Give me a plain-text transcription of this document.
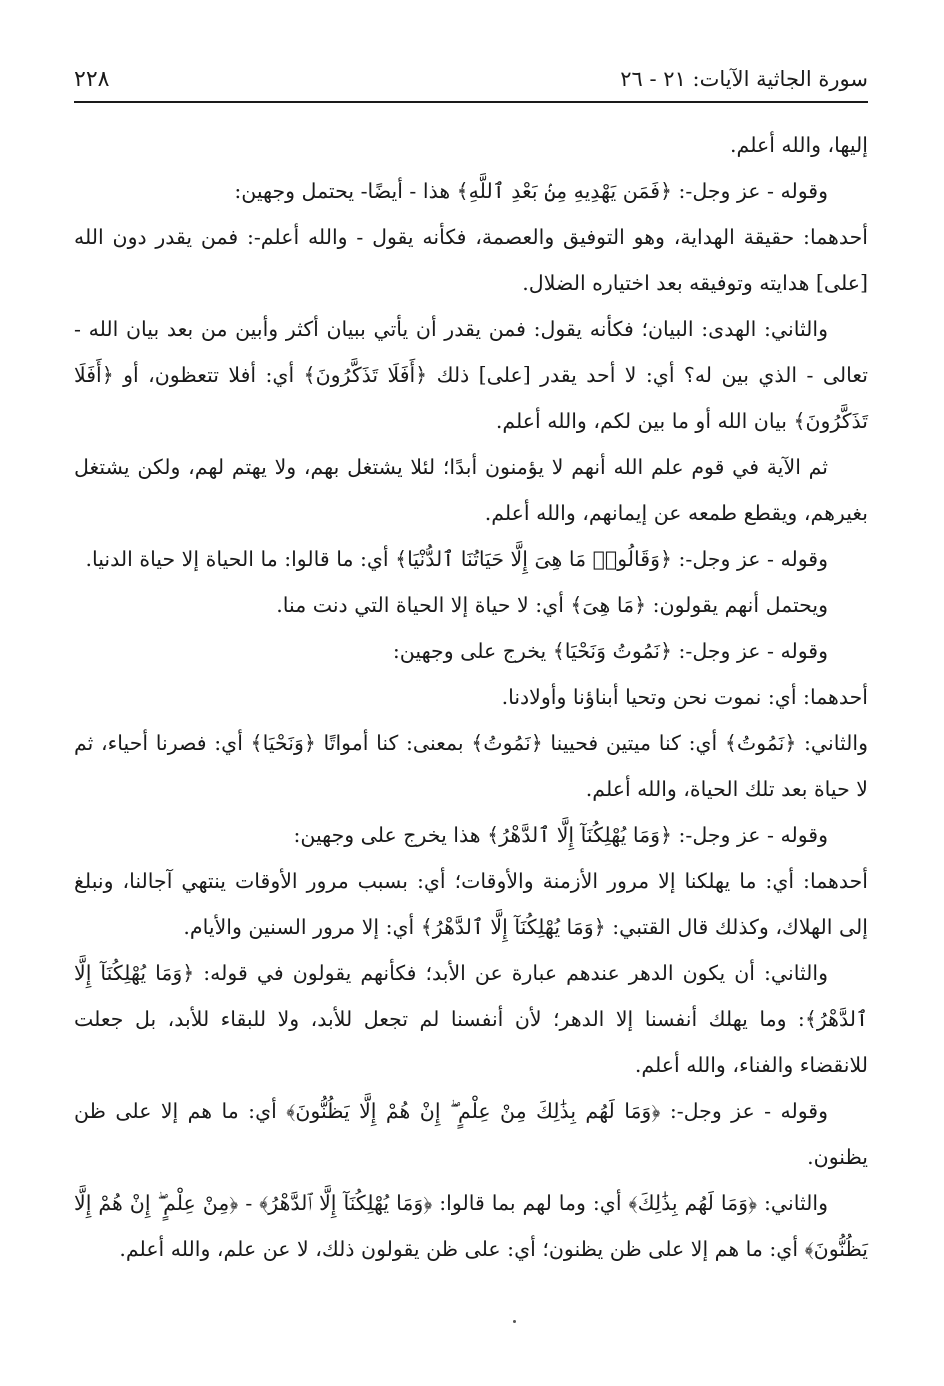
٢٢٨	سورة الجاثية الآيات: ٢١ - ٢٦

إليها، والله أعلم.

وقوله - عز وجل-: ﴿فَمَن يَهْدِيهِ مِنۢ بَعْدِ ٱللَّهِ﴾ هذا - أيضًا- يحتمل وجهين:

أحدهما: حقيقة الهداية، وهو التوفيق والعصمة، فكأنه يقول - والله أعلم-: فمن يقدر دون الله [على] هدايته وتوفيقه بعد اختياره الضلال.

والثاني: الهدى: البيان؛ فكأنه يقول: فمن يقدر أن يأتي ببيان أكثر وأبين من بعد بيان الله - تعالى - الذي بين له؟ أي: لا أحد يقدر [على] ذلك ﴿أَفَلَا تَذَكَّرُونَ﴾ أي: أفلا تتعظون، أو ﴿أَفَلَا تَذَكَّرُونَ﴾ بيان الله أو ما بين لكم، والله أعلم.

ثم الآية في قوم علم الله أنهم لا يؤمنون أبدًا؛ لئلا يشتغل بهم، ولا يهتم لهم، ولكن يشتغل بغيرهم، ويقطع طمعه عن إيمانهم، والله أعلم.

وقوله - عز وجل-: ﴿وَقَالُوا۟ مَا هِىَ إِلَّا حَيَاتُنَا ٱلدُّنْيَا﴾ أي: ما قالوا: ما الحياة إلا حياة الدنيا.

ويحتمل أنهم يقولون: ﴿مَا هِىَ﴾ أي: لا حياة إلا الحياة التي دنت منا.

وقوله - عز وجل-: ﴿نَمُوتُ وَنَحْيَا﴾ يخرج على وجهين:

أحدهما: أي: نموت نحن وتحيا أبناؤنا وأولادنا.

والثاني: ﴿نَمُوتُ﴾ أي: كنا ميتين فحيينا ﴿نَمُوتُ﴾ بمعنى: كنا أمواتًا ﴿وَنَحْيَا﴾ أي: فصرنا أحياء، ثم لا حياة بعد تلك الحياة، والله أعلم.

وقوله - عز وجل-: ﴿وَمَا يُهْلِكُنَآ إِلَّا ٱلدَّهْرُ﴾ هذا يخرج على وجهين:

أحدهما: أي: ما يهلكنا إلا مرور الأزمنة والأوقات؛ أي: بسبب مرور الأوقات ينتهي آجالنا، ونبلغ إلى الهلاك، وكذلك قال القتبي: ﴿وَمَا يُهْلِكُنَآ إِلَّا ٱلدَّهْرُ﴾ أي: إلا مرور السنين والأيام.

والثاني: أن يكون الدهر عندهم عبارة عن الأبد؛ فكأنهم يقولون في قوله: ﴿وَمَا يُهْلِكُنَآ إِلَّا ٱلدَّهْرُ﴾: وما يهلك أنفسنا إلا الدهر؛ لأن أنفسنا لم تجعل للأبد، ولا للبقاء للأبد، بل جعلت للانقضاء والفناء، والله أعلم.

وقوله - عز وجل-: ﴿وَمَا لَهُم بِذَٰلِكَ مِنْ عِلْمٍ ۖ إِنْ هُمْ إِلَّا يَظُنُّونَ﴾ أي: ما هم إلا على ظن يظنون.

والثاني: ﴿وَمَا لَهُم بِذَٰلِكَ﴾ أي: وما لهم بما قالوا: ﴿وَمَا يُهْلِكُنَآ إِلَّا ٱلدَّهْرُ﴾ - ﴿مِنْ عِلْمٍ ۖ إِنْ هُمْ إِلَّا يَظُنُّونَ﴾ أي: ما هم إلا على ظن يظنون؛ أي: على ظن يقولون ذلك، لا عن علم، والله أعلم.
